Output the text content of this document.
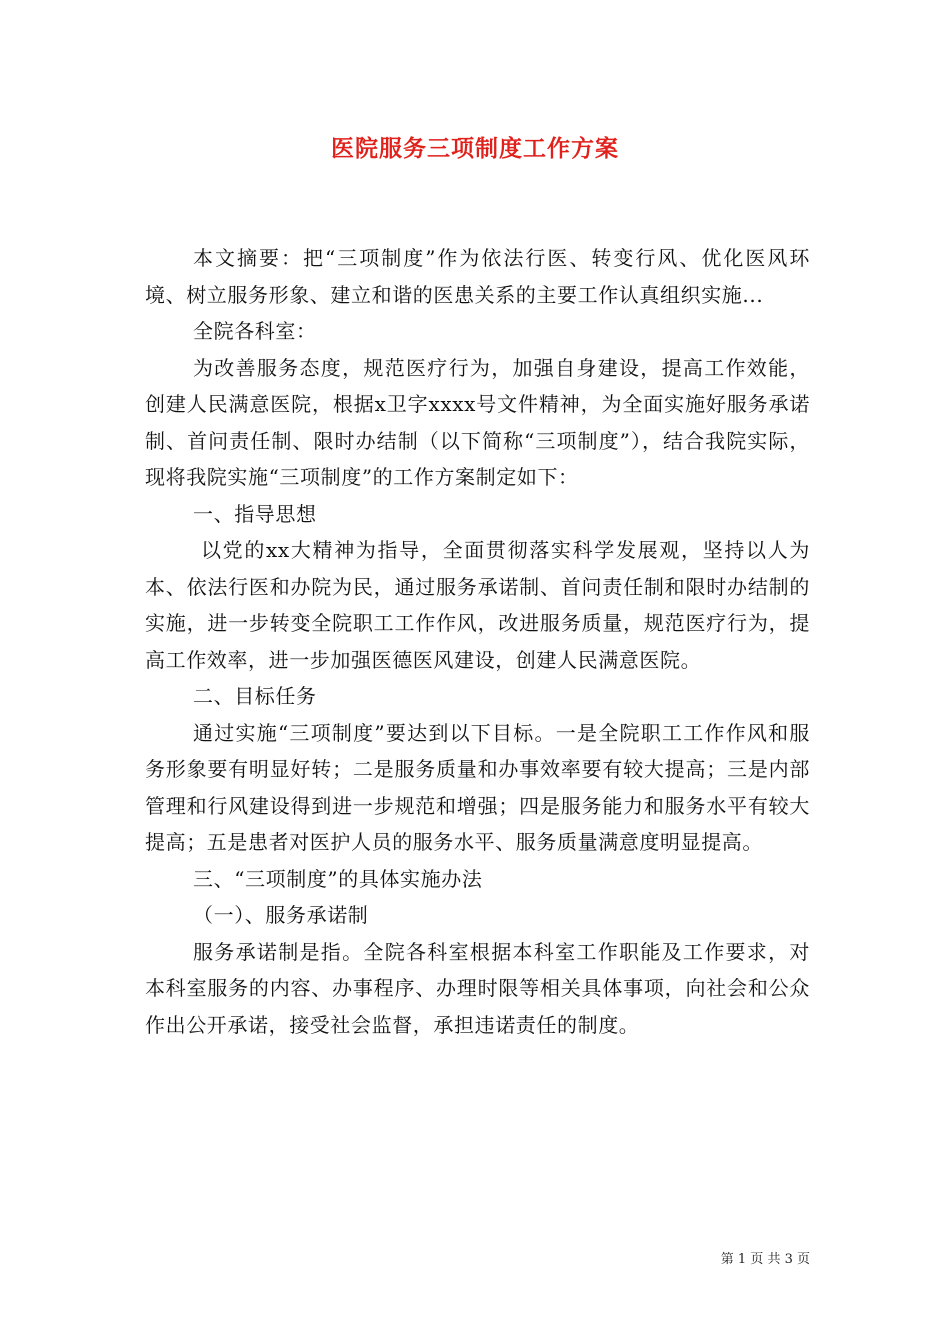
医院服务三项制度工作方案

本文摘要：把“三项制度”作为依法行医、转变行风、优化医风环境、树立服务形象、建立和谐的医患关系的主要工作认真组织实施...

全院各科室：

为改善服务态度，规范医疗行为，加强自身建设，提高工作效能，创建人民满意医院，根据x卫字xxxx号文件精神，为全面实施好服务承诺制、首问责任制、限时办结制（以下简称“三项制度”），结合我院实际，现将我院实施“三项制度”的工作方案制定如下：

一、指导思想

以党的xx大精神为指导，全面贯彻落实科学发展观，坚持以人为本、依法行医和办院为民，通过服务承诺制、首问责任制和限时办结制的实施，进一步转变全院职工工作作风，改进服务质量，规范医疗行为，提高工作效率，进一步加强医德医风建设，创建人民满意医院。

二、目标任务

通过实施“三项制度”要达到以下目标。一是全院职工工作作风和服务形象要有明显好转；二是服务质量和办事效率要有较大提高；三是内部管理和行风建设得到进一步规范和增强；四是服务能力和服务水平有较大提高；五是患者对医护人员的服务水平、服务质量满意度明显提高。

三、“三项制度”的具体实施办法

（一）、服务承诺制

服务承诺制是指。全院各科室根据本科室工作职能及工作要求，对本科室服务的内容、办事程序、办理时限等相关具体事项，向社会和公众作出公开承诺，接受社会监督，承担违诺责任的制度。

第 1 页 共 3 页
